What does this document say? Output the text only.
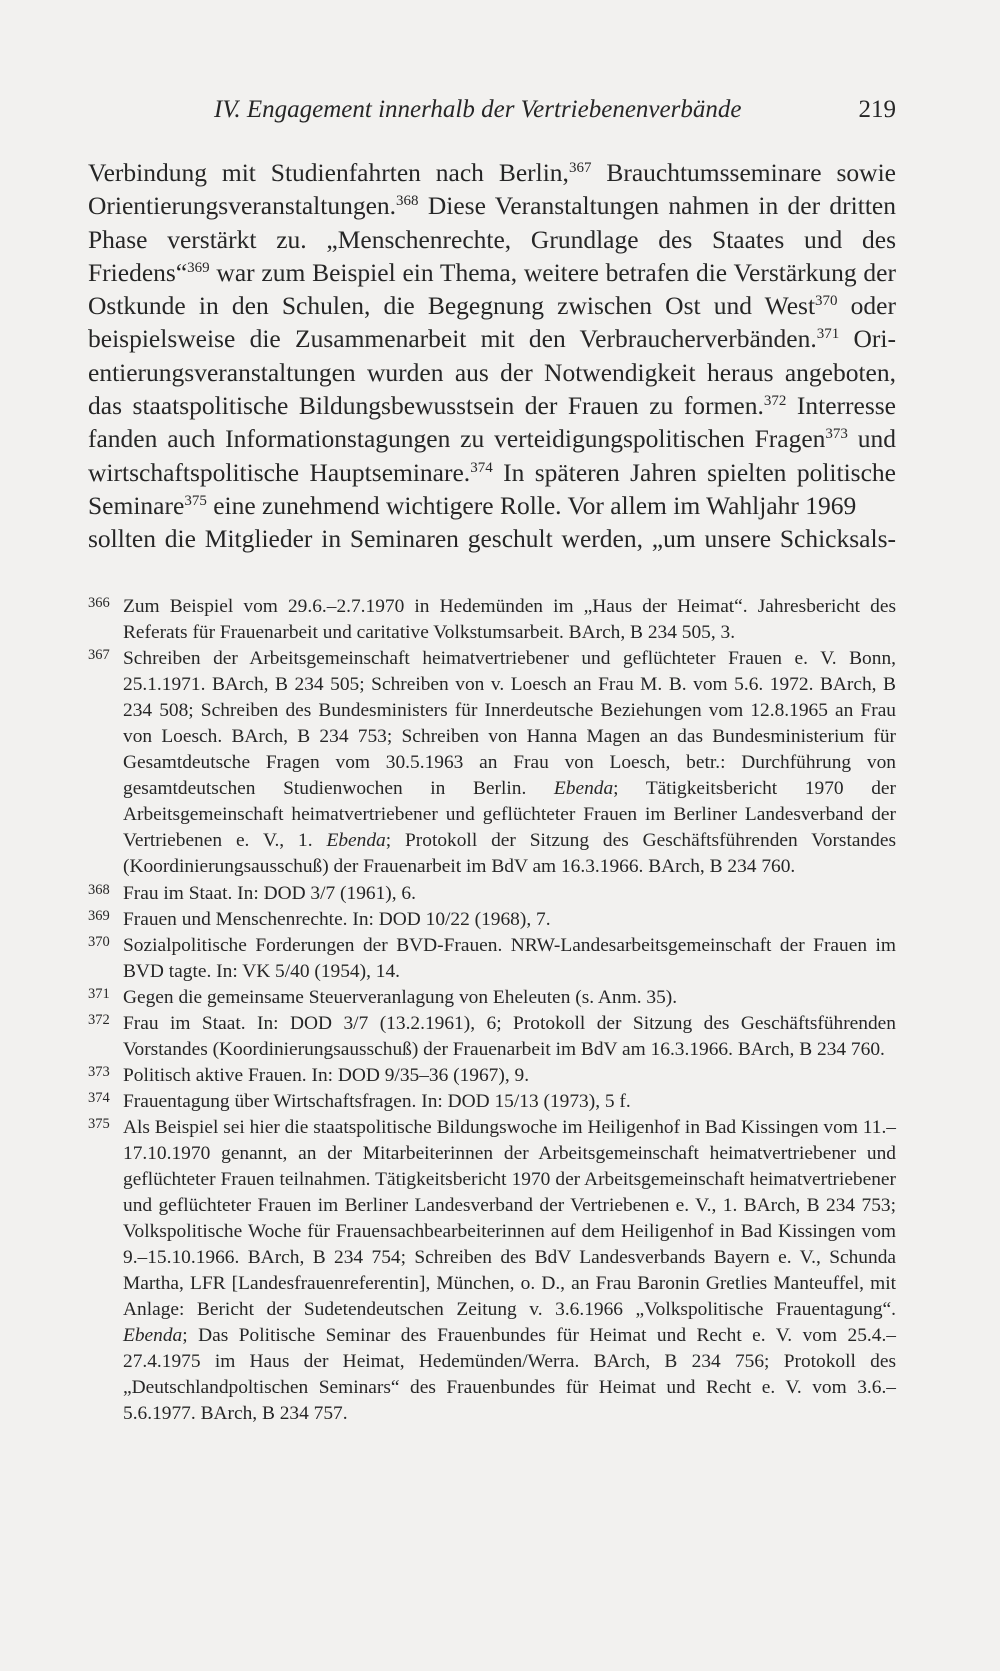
IV. Engagement innerhalb der Vertriebenenverbände	219
Verbindung mit Studienfahrten nach Berlin,$^{367}$ Brauchtumsseminare sowie Orientierungsveranstaltungen.$^{368}$ Diese Veranstaltungen nahmen in der dritten Phase verstärkt zu. „Menschenrechte, Grundlage des Staates und des Friedens“$^{369}$ war zum Beispiel ein Thema, weitere betrafen die Verstärkung der Ostkunde in den Schulen, die Begegnung zwischen Ost und West$^{370}$ oder beispielsweise die Zusammenarbeit mit den Verbraucherverbänden.$^{371}$ Orientierungsveranstaltungen wurden aus der Notwendigkeit heraus angeboten, das staatspolitische Bildungsbewusstsein der Frauen zu formen.$^{372}$ Interresse fanden auch Informationstagungen zu verteidigungspolitischen Fragen$^{373}$ und wirtschaftspolitische Hauptseminare.$^{374}$ In späteren Jahren spielten politische Seminare$^{375}$ eine zunehmend wichtigere Rolle. Vor allem im Wahljahr 1969
sollten die Mitglieder in Seminaren geschult werden, „um unsere Schicksals-
366 Zum Beispiel vom 29.6.–2.7.1970 in Hedemünden im „Haus der Heimat“. Jahresbericht des Referats für Frauenarbeit und caritative Volkstumsarbeit. BArch, B 234 505, 3.
367 Schreiben der Arbeitsgemeinschaft heimatvertriebener und geflüchteter Frauen e. V. Bonn, 25.1.1971. BArch, B 234 505; Schreiben von v. Loesch an Frau M. B. vom 5.6. 1972. BArch, B 234 508; Schreiben des Bundesministers für Innerdeutsche Beziehungen vom 12.8.1965 an Frau von Loesch. BArch, B 234 753; Schreiben von Hanna Magen an das Bundesministerium für Gesamtdeutsche Fragen vom 30.5.1963 an Frau von Loesch, betr.: Durchführung von gesamtdeutschen Studienwochen in Berlin. Ebenda; Tätigkeitsbericht 1970 der Arbeitsgemeinschaft heimatvertriebener und geflüchteter Frauen im Berliner Landesverband der Vertriebenen e. V., 1. Ebenda; Protokoll der Sitzung des Geschäftsführenden Vorstandes (Koordinierungsausschuß) der Frauenarbeit im BdV am 16.3.1966. BArch, B 234 760.
368 Frau im Staat. In: DOD 3/7 (1961), 6.
369 Frauen und Menschenrechte. In: DOD 10/22 (1968), 7.
370 Sozialpolitische Forderungen der BVD-Frauen. NRW-Landesarbeitsgemeinschaft der Frauen im BVD tagte. In: VK 5/40 (1954), 14.
371 Gegen die gemeinsame Steuerveranlagung von Eheleuten (s. Anm. 35).
372 Frau im Staat. In: DOD 3/7 (13.2.1961), 6; Protokoll der Sitzung des Geschäftsführenden Vorstandes (Koordinierungsausschuß) der Frauenarbeit im BdV am 16.3.1966. BArch, B 234 760.
373 Politisch aktive Frauen. In: DOD 9/35–36 (1967), 9.
374 Frauentagung über Wirtschaftsfragen. In: DOD 15/13 (1973), 5 f.
375 Als Beispiel sei hier die staatspolitische Bildungswoche im Heiligenhof in Bad Kissingen vom 11.–17.10.1970 genannt, an der Mitarbeiterinnen der Arbeitsgemeinschaft heimatvertriebener und geflüchteter Frauen teilnahmen. Tätigkeitsbericht 1970 der Arbeitsgemeinschaft heimatvertriebener und geflüchteter Frauen im Berliner Landesverband der Vertriebenen e. V., 1. BArch, B 234 753; Volkspolitische Woche für Frauensachbearbeiterinnen auf dem Heiligenhof in Bad Kissingen vom 9.–15.10.1966. BArch, B 234 754; Schreiben des BdV Landesverbands Bayern e. V., Schunda Martha, LFR [Landesfrauenreferentin], München, o. D., an Frau Baronin Gretlies Manteuffel, mit Anlage: Bericht der Sudetendeutschen Zeitung v. 3.6.1966 „Volkspolitische Frauentagung“. Ebenda; Das Politische Seminar des Frauenbundes für Heimat und Recht e. V. vom 25.4.–27.4.1975 im Haus der Heimat, Hedemünden/Werra. BArch, B 234 756; Protokoll des „Deutschlandpoltischen Seminars“ des Frauenbundes für Heimat und Recht e. V. vom 3.6.–5.6.1977. BArch, B 234 757.
